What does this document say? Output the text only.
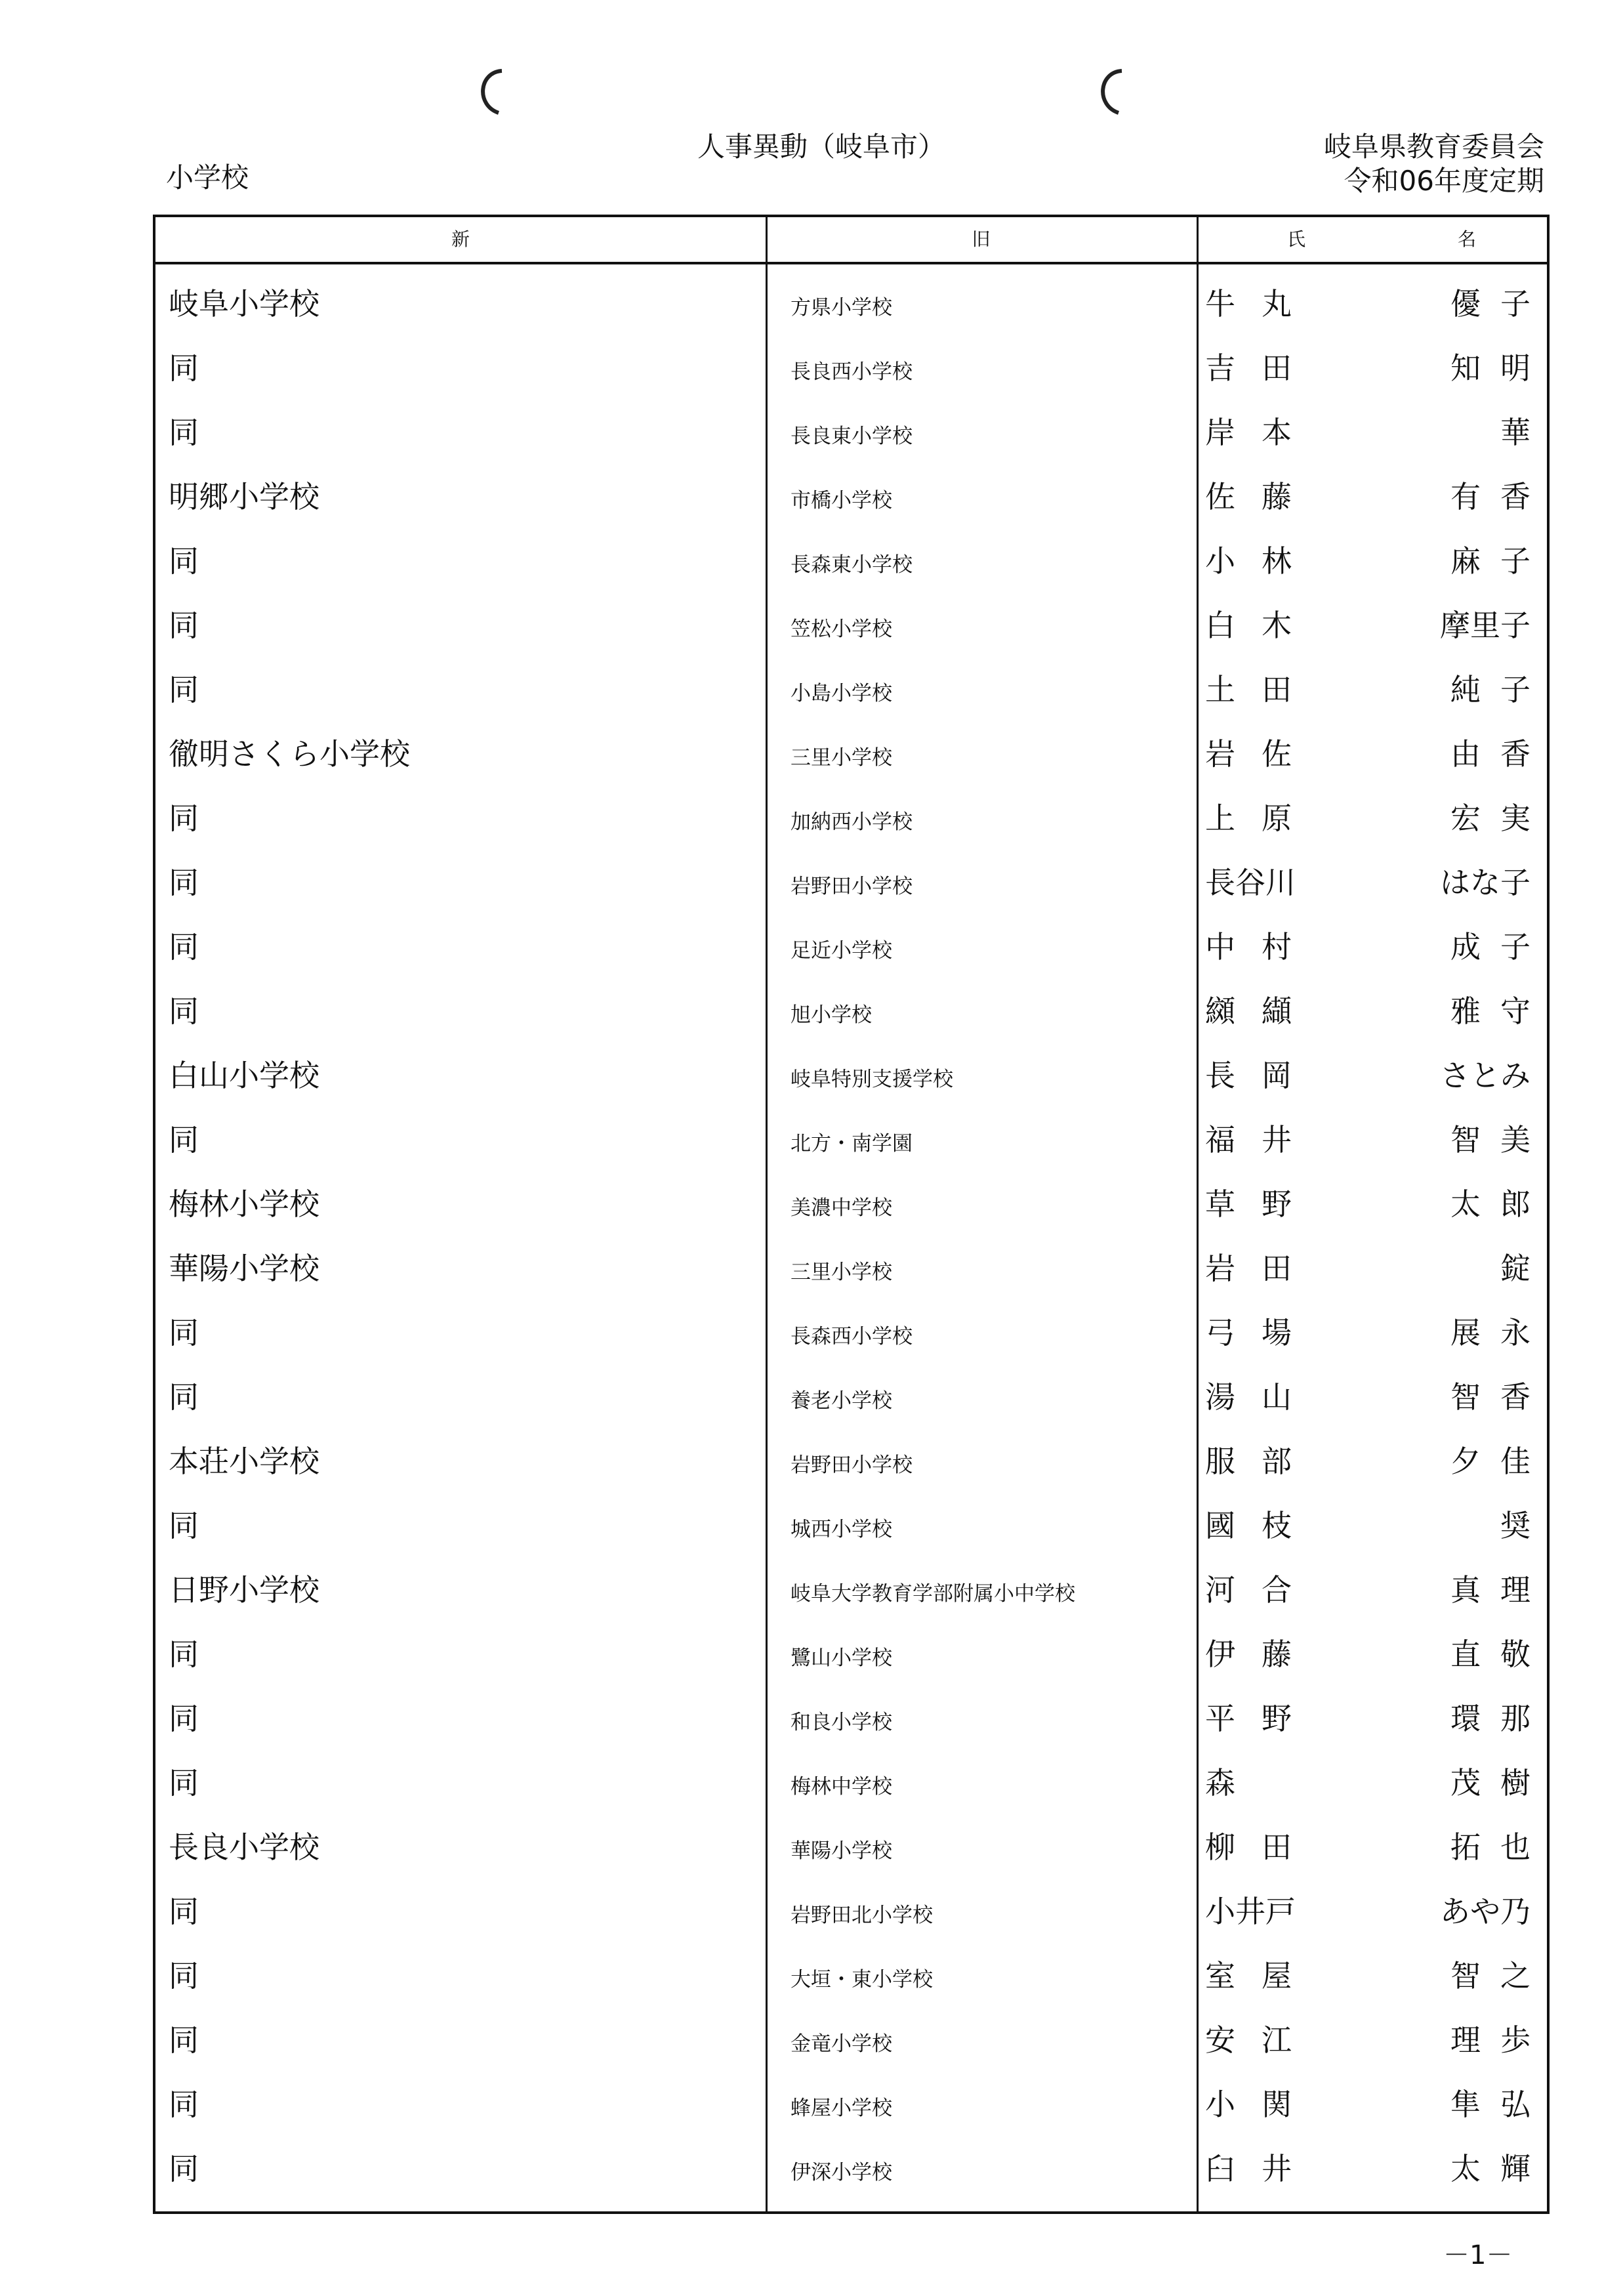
小学校
人事異動（岐阜市）	岐阜県教育委員会
令和06年度定期
新	旧	氏	名
岐阜小学校	方県小学校	牛丸	優子
同	長良西小学校	吉田	知明
同	長良東小学校	岸本	華
明郷小学校	市橋小学校	佐藤	有香
同	長森東小学校	小林	麻子
同	笠松小学校	白木	摩里子
同	小島小学校	土田	純子
徹明さくら小学校	三里小学校	岩佐	由香
同	加納西小学校	上原	宏実
同	岩野田小学校	長谷川	はな子
同	足近小学校	中村	成子
同	旭小学校	纐纈	雅守
白山小学校	岐阜特別支援学校	長岡	さとみ
同	北方・南学園	福井	智美
梅林小学校	美濃中学校	草野	太郎
華陽小学校	三里小学校	岩田	錠
同	長森西小学校	弓場	展永
同	養老小学校	湯山	智香
本荘小学校	岩野田小学校	服部	夕佳
同	城西小学校	國枝	奨
日野小学校	岐阜大学教育学部附属小中学校	河合	真理
同	鷺山小学校	伊藤	直敬
同	和良小学校	平野	環那
同	梅林中学校	森	茂樹
長良小学校	華陽小学校	柳田	拓也
同	岩野田北小学校	小井戸	あや乃
同	大垣・東小学校	室屋	智之
同	金竜小学校	安江	理歩
同	蜂屋小学校	小関	隼弘
同	伊深小学校	臼井	太輝
－1－
